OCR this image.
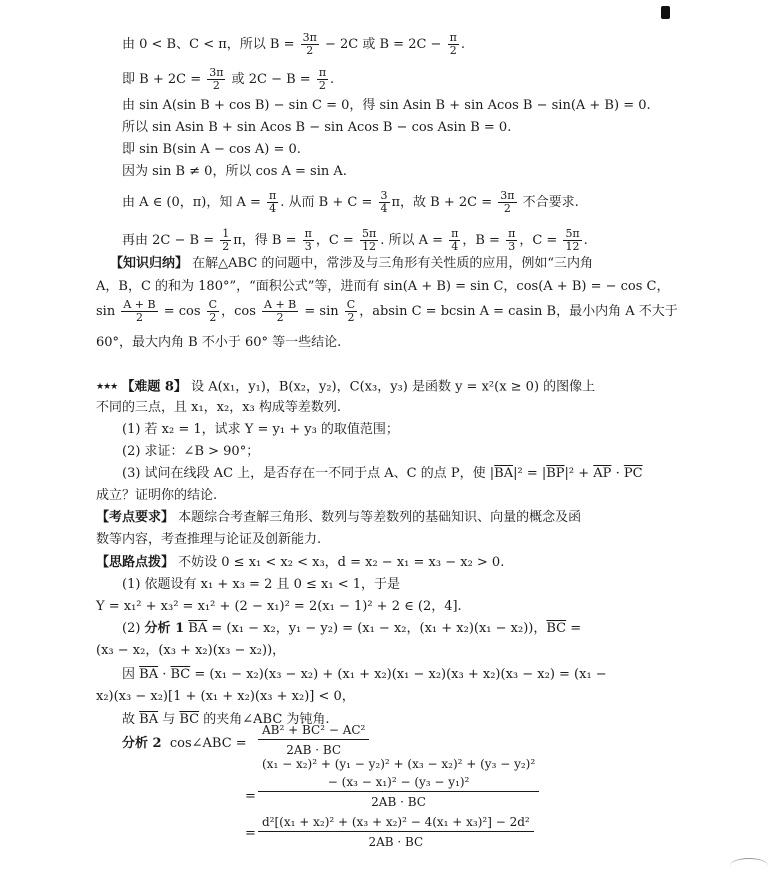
由 0 < B、C < π，所以 $B = \frac{3\pi}{2} - 2C$ 或 $B = 2C - \frac{\pi}{2}$ .
即 $B + 2C = \frac{3\pi}{2}$ 或 $2C - B = \frac{\pi}{2}$ .
由 sin A(sin B + cos B) − sin C = 0，得 sin Asin B + sin Acos B − sin(A + B) = 0.
所以 sin Asin B + sin Acos B − sin Acos B − cos Asin B = 0.
即 sin B(sin A − cos A) = 0.
因为 sin B ≠ 0，所以 cos A = sin A.
由 A ∈ (0，π)，知 $A = \frac{\pi}{4}$ . 从而 $B + C = \frac{3}{4}$ π，故 $B + 2C = \frac{3\pi}{2}$ 不合要求.
再由 $2C - B = \frac{1}{2}$ π，得 $B = \frac{\pi}{3}$ ，$C = \frac{5\pi}{12}$ . 所以 $A = \frac{\pi}{4}$ ，$B = \frac{\pi}{3}$ ，$C = \frac{5\pi}{12}$ .
【知识归纳】 在解△ABC 的问题中，常涉及与三角形有关性质的应用，例如“三内角
A，B，C 的和为 180°”，“面积公式”等，进而有 sin(A + B) = sin C，cos(A + B) = − cos C，
$\sin \frac{A + B}{2} = \cos \frac{C}{2}$ ，$\cos \frac{A + B}{2} = \sin \frac{C}{2}$ ，absin C = bcsin A = casin B，最小内角 A 不大于
60°，最大内角 B 不小于 60° 等一些结论.
★★★ 【难题 8】 设 A(x₁，y₁)，B(x₂，y₂)，C(x₃，y₃) 是函数 y = x²(x ≥ 0) 的图像上
不同的三点，且 x₁，x₂，x₃ 构成等差数列.
(1) 若 x₂ = 1，试求 Y = y₁ + y₃ 的取值范围；
(2) 求证：∠B > 90°；
(3) 试问在线段 AC 上，是否存在一不同于点 A、C 的点 P，使 $|\overline{BA}|^2 = |\overline{BP}|^2 + \overline{AP} \cdot \overline{PC}$
成立？证明你的结论.
【考点要求】 本题综合考查解三角形、数列与等差数列的基础知识、向量的概念及函
数等内容，考查推理与论证及创新能力.
【思路点拨】 不妨设 0 ≤ x₁ < x₂ < x₃，d = x₂ − x₁ = x₃ − x₂ > 0.
(1) 依题设有 x₁ + x₃ = 2 且 0 ≤ x₁ < 1，于是
Y = x₁² + x₃² = x₁² + (2 − x₁)² = 2(x₁ − 1)² + 2 ∈ (2，4].
(2) 分析 1 $\overline{BA} = (x_1 - x_2$，y₁ − y₂) = (x₁ − x₂，(x₁ + x₂)(x₁ − x₂))，$\overline{BC}$ =
(x₃ − x₂，(x₃ + x₂)(x₃ − x₂))，
因 $\overline{BA} \cdot \overline{BC} = (x_1 - x_2)(x_3 - x_2) + (x_1 + x_2)(x_1 - x_2)(x_3 + x_2)(x_3 - x_2) = (x_1$ −
x₂)(x₃ − x₂)[1 + (x₁ + x₂)(x₃ + x₂)] < 0，
故 $\overline{BA}$ 与 $\overline{BC}$ 的夹角∠ABC 为钝角.
分析 2 cos∠ABC = $\frac{\text{AB² + BC² − AC²}}{2AB \cdot BC}$
=
(x₁ − x₂)² + (y₁ − y₂)² + (x₃ − x₂)² + (y₃ − y₂)²
− (x₃ − x₁)² − (y₃ − y₁)²
2AB · BC
= $\frac{\text{d²[(x₁ + x₂)² + (x₃ + x₂)² − 4(x₁ + x₃)²] − 2d²}}{2AB \cdot BC}$
